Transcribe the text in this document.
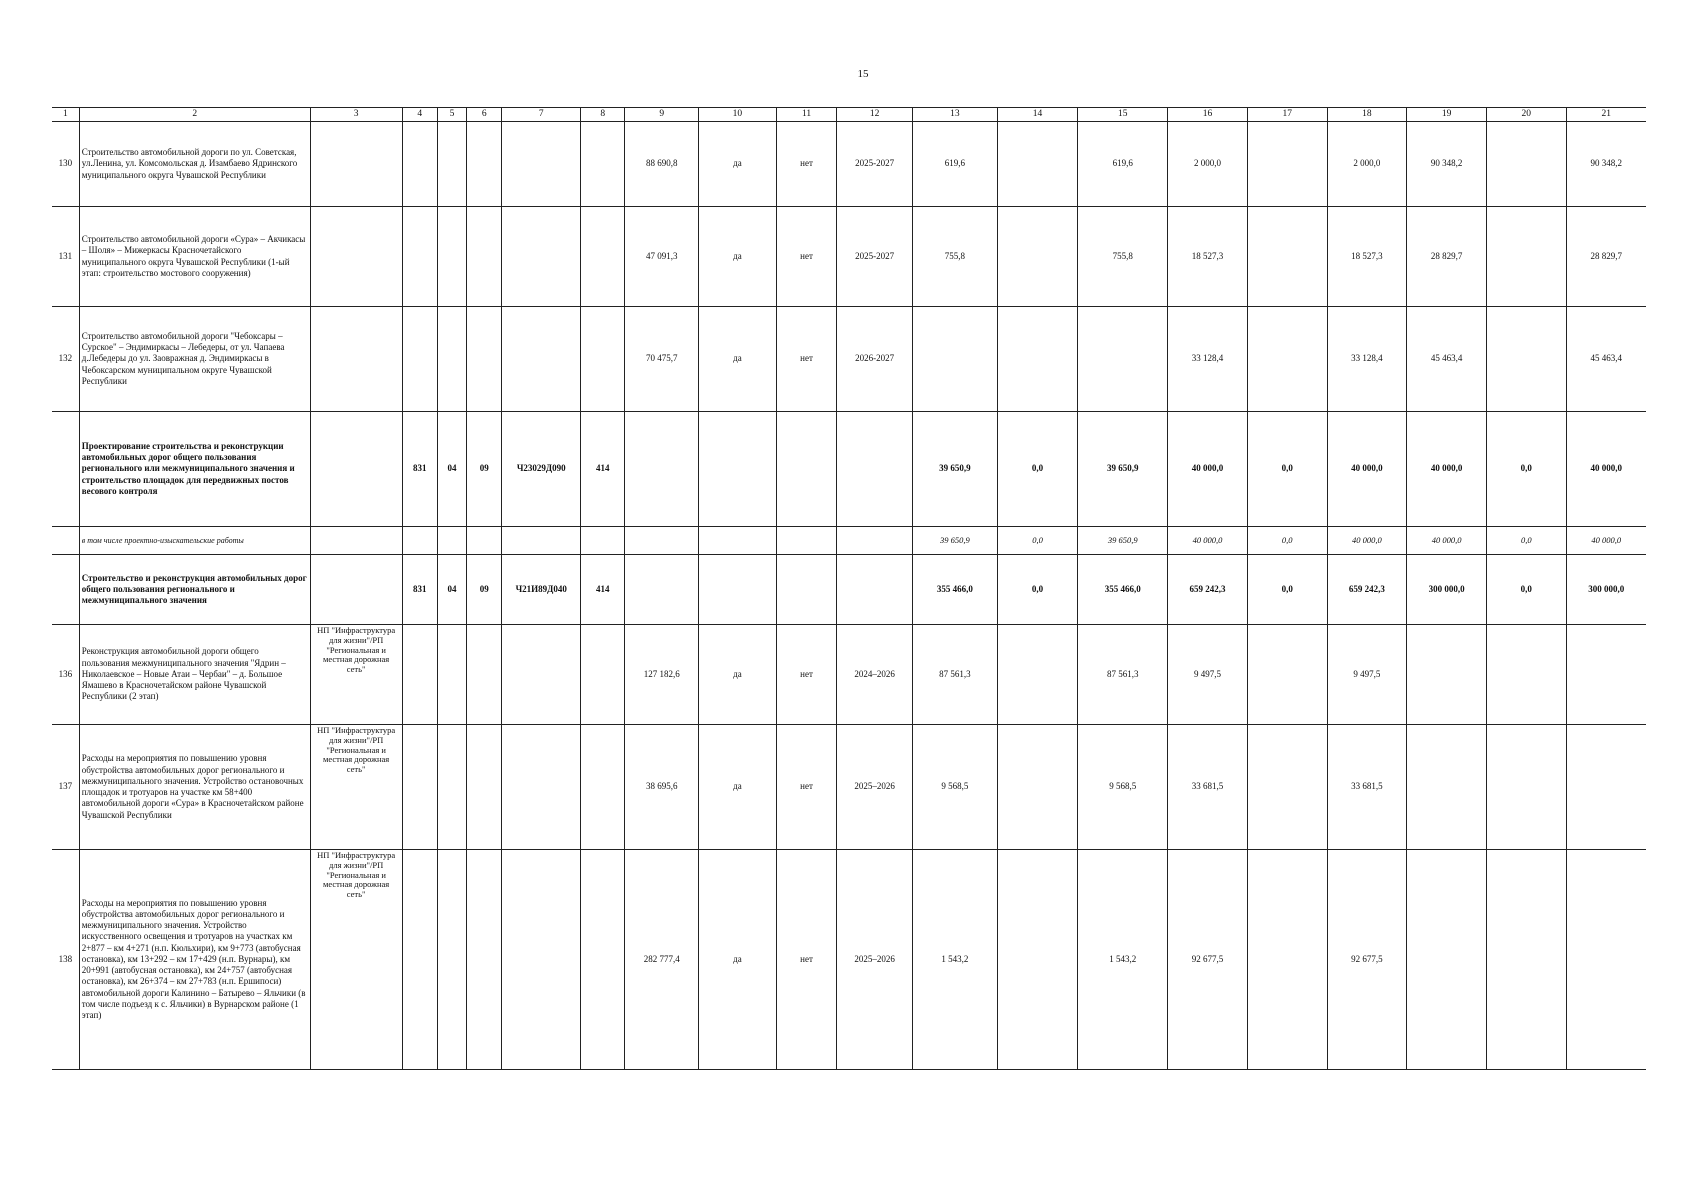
15
1	2	3	4	5	6	7	8	9	10	11	12	13	14	15	16	17	18	19	20	21
130	Строительство автомобильной дороги по ул. Советская, ул.Ленина, ул. Комсомольская д. Изамбаево Ядринского муниципального округа Чувашской Республики							88 690,8	да	нет	2025-2027	619,6		619,6	2 000,0		2 000,0	90 348,2		90 348,2
131	Строительство автомобильной дороги «Сура» – Акчикасы – Шоля» – Мижеркасы Красночетайского муниципального округа Чувашской Республики (1-ый этап: строительство мостового сооружения)							47 091,3	да	нет	2025-2027	755,8		755,8	18 527,3		18 527,3	28 829,7		28 829,7
132	Строительство автомобильной дороги "Чебоксары – Сурское" – Эндимиркасы – Лебедеры, от ул. Чапаева д.Лебедеры до ул. Заовражная д. Эндимиркасы в Чебоксарском муниципальном округе Чувашской Республики							70 475,7	да	нет	2026-2027				33 128,4		33 128,4	45 463,4		45 463,4
	Проектирование строительства и реконструкции автомобильных дорог общего пользования регионального или межмуниципального значения и строительство площадок для передвижных постов весового контроля		831	04	09	Ч23029Д090	414					39 650,9	0,0	39 650,9	40 000,0	0,0	40 000,0	40 000,0	0,0	40 000,0
	в том числе проектно-изыскательские работы											39 650,9	0,0	39 650,9	40 000,0	0,0	40 000,0	40 000,0	0,0	40 000,0
	Строительство и реконструкция автомобильных дорог общего пользования регионального и межмуниципального значения		831	04	09	Ч21И89Д040	414					355 466,0	0,0	355 466,0	659 242,3	0,0	659 242,3	300 000,0	0,0	300 000,0
136	Реконструкция автомобильной дороги общего пользования межмуниципального значения "Ядрин – Николаевское – Новые Атаи – Чербаи" – д. Большое Ямашево в Красночетайском районе Чувашской Республики (2 этап)	НП "Инфраструктура для жизни"/РП "Региональная и местная дорожная сеть"						127 182,6	да	нет	2024–2026	87 561,3		87 561,3	9 497,5		9 497,5			
137	Расходы на мероприятия по повышению уровня обустройства автомобильных дорог регионального и межмуниципального значения. Устройство остановочных площадок и тротуаров на участке км 58+400 автомобильной дороги «Сура» в Красночетайском районе Чувашской Республики	НП "Инфраструктура для жизни"/РП "Региональная и местная дорожная сеть"						38 695,6	да	нет	2025–2026	9 568,5		9 568,5	33 681,5		33 681,5			
138	Расходы на мероприятия по повышению уровня обустройства автомобильных дорог регионального и межмуниципального значения. Устройство искусственного освещения и тротуаров на участках км 2+877 – км 4+271 (н.п. Кюльхири), км 9+773 (автобусная остановка), км 13+292 – км 17+429 (н.п. Вурнары), км 20+991 (автобусная остановка), км 24+757 (автобусная остановка), км 26+374 – км 27+783 (н.п. Ершипоси) автомобильной дороги Калинино – Батырево – Яльчики (в том числе подъезд к с. Яльчики) в Вурнарском районе (1 этап)	НП "Инфраструктура для жизни"/РП "Региональная и местная дорожная сеть"						282 777,4	да	нет	2025–2026	1 543,2		1 543,2	92 677,5		92 677,5			
